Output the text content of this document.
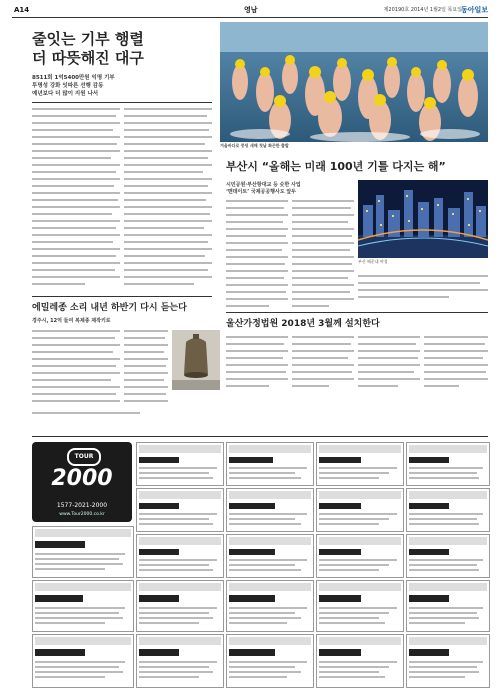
A14	영남	제20190호 2014년 1월2일 목요일
동아일보
줄잇는 기부 행렬
더 따뜻해진 대구
8511회 1억5400만원 익명 기부
투명성 강화 잇따른 선행 감동
예년보다 더 많이 지원 나서
겨울바다로 풍덩 새해 첫날 화끈한 출발
부산시 “올해는 미래 100년 기틀 다지는 해”
시민공원·부산항대교 등 숫한 사업
‘맨데이트’ 국제공공행사도 앞두
부산 해운대 야경
울산가정법원 2018년 3월께 설치한다
에밀레종 소리 내년 하반기 다시 듣는다
경주시, 12억 들여 복제종 제작키로
TOUR
2000
1577-2021-2000
www.Tour2000.co.kr
